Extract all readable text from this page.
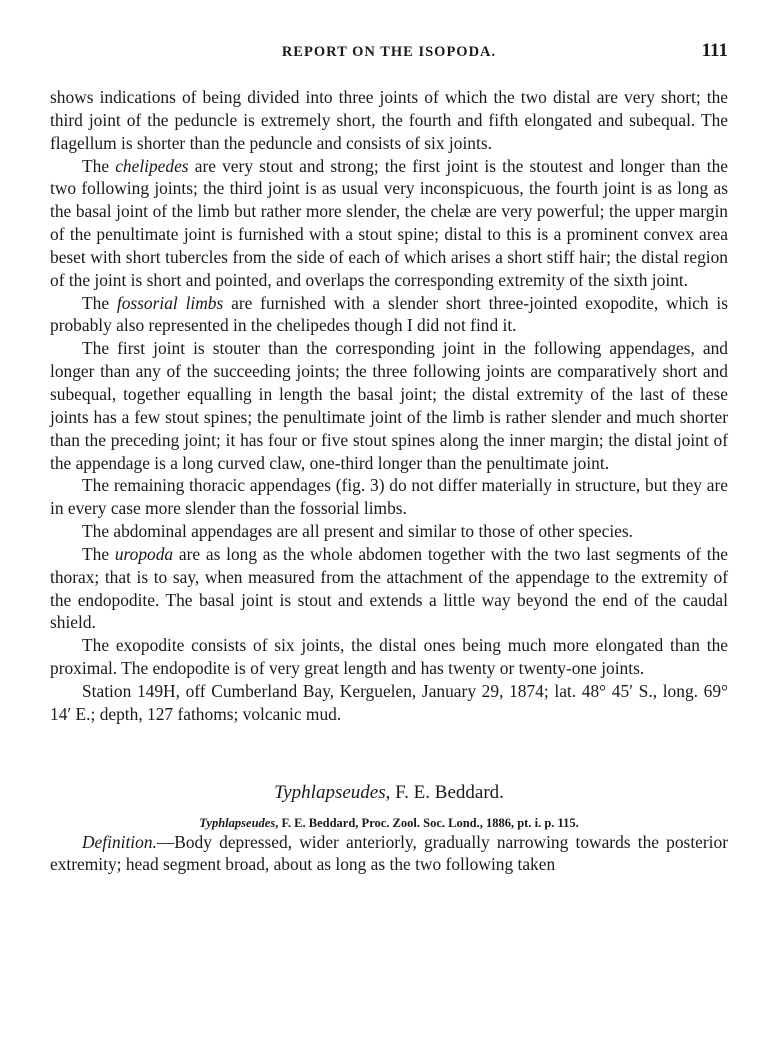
REPORT ON THE ISOPODA.	111

shows indications of being divided into three joints of which the two distal are very short; the third joint of the peduncle is extremely short, the fourth and fifth elongated and subequal. The flagellum is shorter than the peduncle and consists of six joints.

The chelipedes are very stout and strong; the first joint is the stoutest and longer than the two following joints; the third joint is as usual very inconspicuous, the fourth joint is as long as the basal joint of the limb but rather more slender, the chelæ are very powerful; the upper margin of the penultimate joint is furnished with a stout spine; distal to this is a prominent convex area beset with short tubercles from the side of each of which arises a short stiff hair; the distal region of the joint is short and pointed, and overlaps the corresponding extremity of the sixth joint.

The fossorial limbs are furnished with a slender short three-jointed exopodite, which is probably also represented in the chelipedes though I did not find it.

The first joint is stouter than the corresponding joint in the following appendages, and longer than any of the succeeding joints; the three following joints are comparatively short and subequal, together equalling in length the basal joint; the distal extremity of the last of these joints has a few stout spines; the penultimate joint of the limb is rather slender and much shorter than the preceding joint; it has four or five stout spines along the inner margin; the distal joint of the appendage is a long curved claw, one-third longer than the penultimate joint.

The remaining thoracic appendages (fig. 3) do not differ materially in structure, but they are in every case more slender than the fossorial limbs.

The abdominal appendages are all present and similar to those of other species.

The uropoda are as long as the whole abdomen together with the two last segments of the thorax; that is to say, when measured from the attachment of the appendage to the extremity of the endopodite. The basal joint is stout and extends a little way beyond the end of the caudal shield.

The exopodite consists of six joints, the distal ones being much more elongated than the proximal. The endopodite is of very great length and has twenty or twenty-one joints.

Station 149H, off Cumberland Bay, Kerguelen, January 29, 1874; lat. 48° 45′ S., long. 69° 14′ E.; depth, 127 fathoms; volcanic mud.

Typhlapseudes, F. E. Beddard.
Typhlapseudes, F. E. Beddard, Proc. Zool. Soc. Lond., 1886, pt. i. p. 115.

Definition.—Body depressed, wider anteriorly, gradually narrowing towards the posterior extremity; head segment broad, about as long as the two following taken
